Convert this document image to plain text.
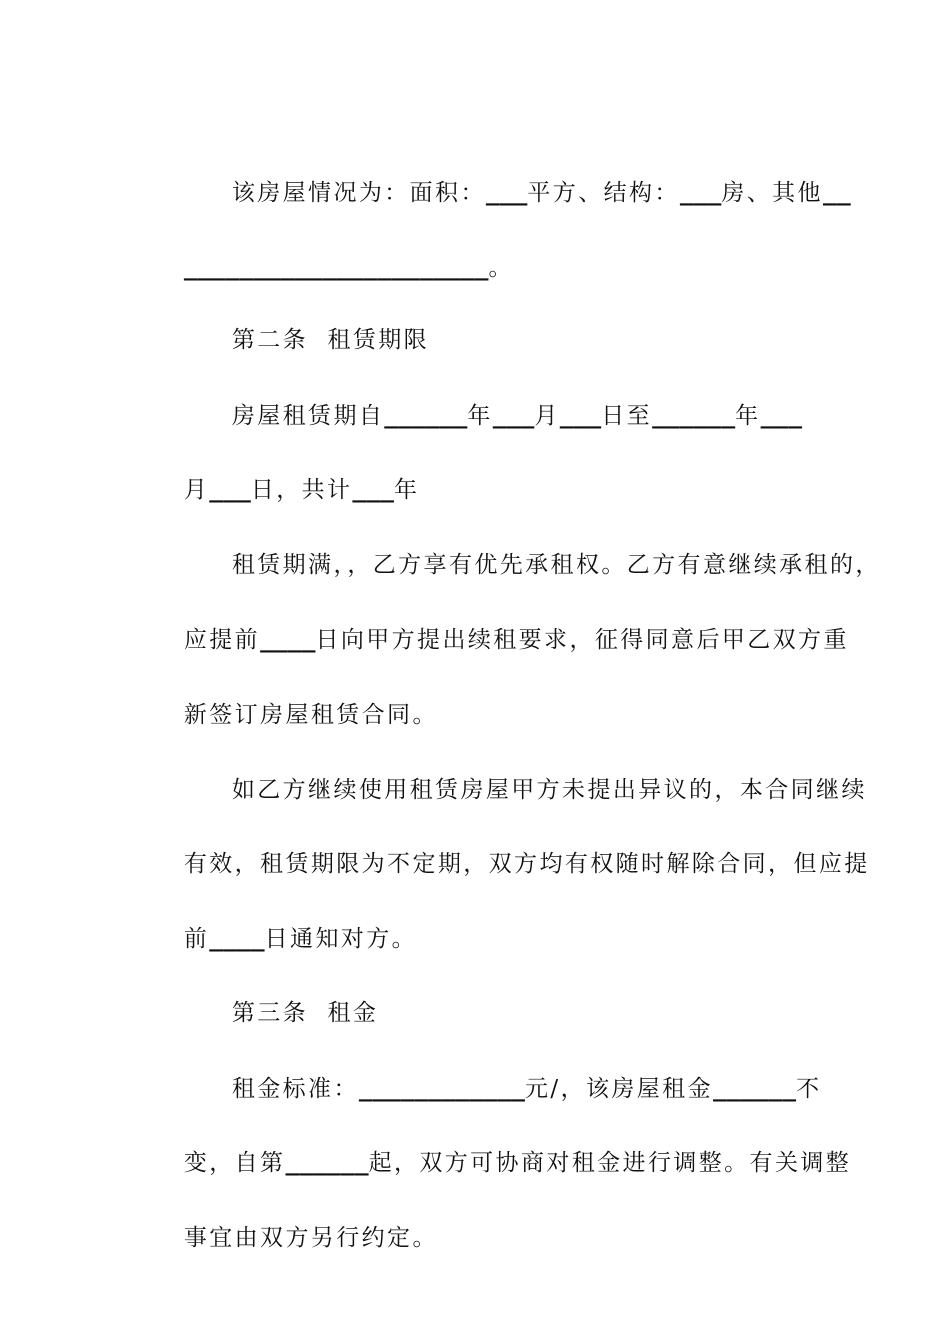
该房屋情况为：面积：___平方、结构：___房、其他__

______________________。

第二条  租赁期限

房屋租赁期自______年___月___日至______年___

月___日，共计___年

租赁期满，，乙方享有优先承租权。乙方有意继续承租的，

应提前____日向甲方提出续租要求，征得同意后甲乙双方重

新签订房屋租赁合同。

如乙方继续使用租赁房屋甲方未提出异议的，本合同继续

有效，租赁期限为不定期，双方均有权随时解除合同，但应提

前____日通知对方。

第三条  租金

租金标准：____________元/，该房屋租金______不

变，自第______起，双方可协商对租金进行调整。有关调整

事宜由双方另行约定。
